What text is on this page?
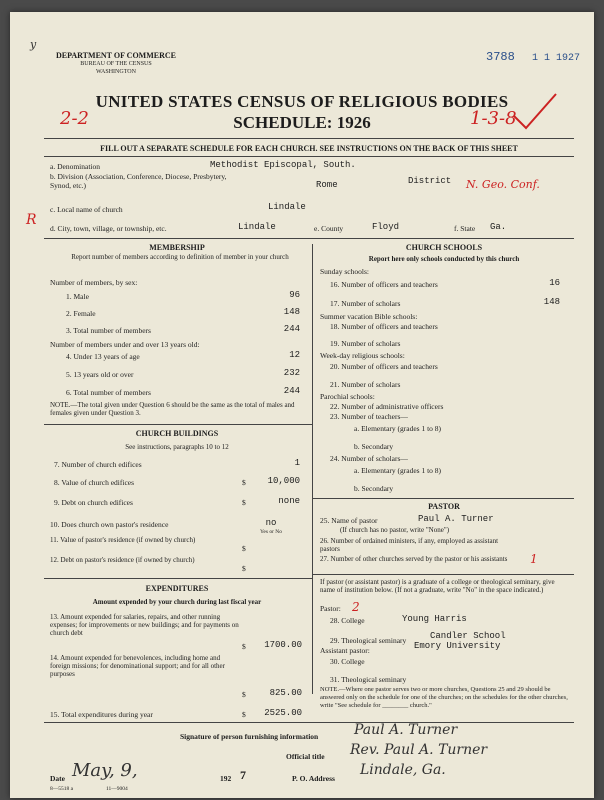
y
DEPARTMENT OF COMMERCE
BUREAU OF THE CENSUS
WASHINGTON
3788 1 1 1927
2-2	1-3-8
R
UNITED STATES CENSUS OF RELIGIOUS BODIES
SCHEDULE: 1926
FILL OUT A SEPARATE SCHEDULE FOR EACH CHURCH. SEE INSTRUCTIONS ON THE BACK OF THIS SHEET
a. Denomination	Methodist Episcopal, South.
b. Division (Association, Conference, Diocese, Presbytery, Synod, etc.)	Rome	District N. Geo. Conf.
c. Local name of church	Lindale
d. City, town, village, or township, etc.	Lindale	e. County	Floyd	f. State Ga.
MEMBERSHIP
Report number of members according to definition of member in your church
Number of members, by sex:
1. Male	96
2. Female	148
3. Total number of members	244
Number of members under and over 13 years old:
4. Under 13 years of age	12
5. 13 years old or over	232
6. Total number of members	244
NOTE.—The total given under Question 6 should be the same as the total of males and females given under Question 3.
CHURCH BUILDINGS
See instructions, paragraphs 10 to 12
7. Number of church edifices	1
8. Value of church edifices	$	10,000
9. Debt on church edifices	$	none
10. Does church own pastor's residence	no
Yes or No
11. Value of pastor's residence (if owned by church)
$
12. Debt on pastor's residence (if owned by church)
$
EXPENDITURES
Amount expended by your church during last fiscal year
13. Amount expended for salaries, repairs, and other running expenses; for improvements or new buildings; and for payments on church debt
$	1700.00
14. Amount expended for benevolences, including home and foreign missions; for denominational support; and for all other purposes
$	825.00
15. Total expenditures during year	$	2525.00
CHURCH SCHOOLS
Report here only schools conducted by this church
Sunday schools:
16. Number of officers and teachers	16
17. Number of scholars	148
Summer vacation Bible schools:
18. Number of officers and teachers
19. Number of scholars
Week-day religious schools:
20. Number of officers and teachers
21. Number of scholars
Parochial schools:
22. Number of administrative officers
23. Number of teachers—
a. Elementary (grades 1 to 8)
b. Secondary
24. Number of scholars—
a. Elementary (grades 1 to 8)
b. Secondary
PASTOR
25. Name of pastor	Paul A. Turner
(If church has no pastor, write "None")
26. Number of ordained ministers, if any, employed as assistant pastors
27. Number of other churches served by the pastor or his assistants 1
If pastor (or assistant pastor) is a graduate of a college or theological seminary, give name of institution below. (If not a graduate, write "No" in the space indicated.)
Pastor: 2
28. College	Young Harris
29. Theological seminary	Candler School
Assistant pastor:	Emory University
30. College
31. Theological seminary
NOTE.—Where one pastor serves two or more churches, Questions 25 and 29 should be answered only on the schedule for one of the churches; on the schedules for the other churches, write "See schedule for ________ church."
Signature of person furnishing information	Paul A. Turner
Official title Rev. Paul A. Turner
Date May, 9,	192 7	P. O. Address
Lindale, Ga.
8—5518 a	11—9004
